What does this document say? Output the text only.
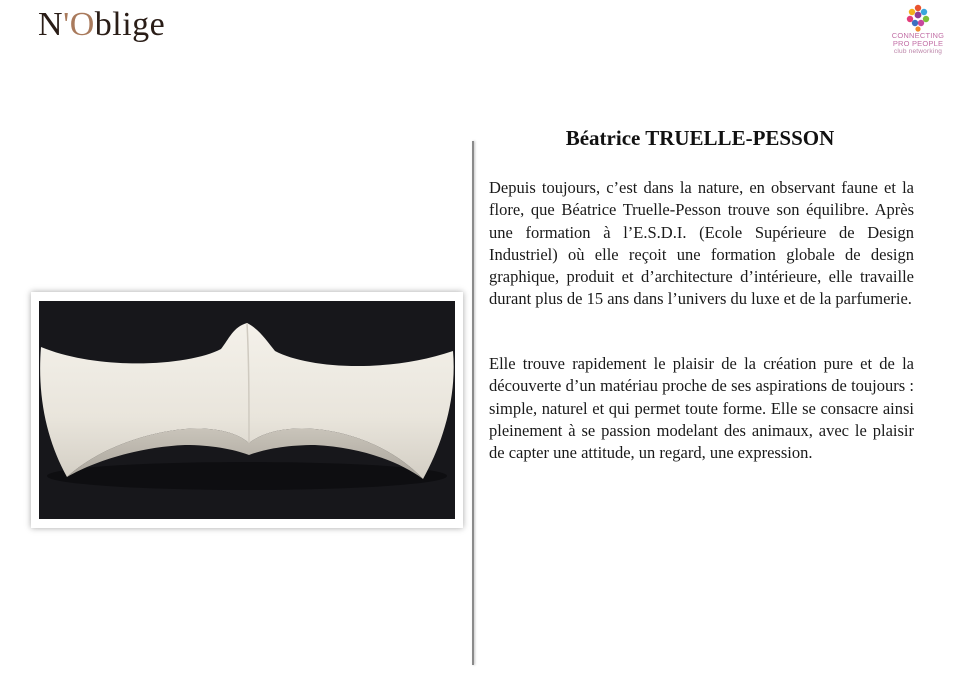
N'Oblige	CONNECTING
PRO PEOPLE
club networking
Béatrice TRUELLE-PESSON

Depuis toujours, c’est dans la nature, en observant faune et la flore, que Béatrice Truelle-Pesson trouve son équilibre. Après une formation à l’E.S.D.I. (Ecole Supérieure de Design Industriel) où elle reçoit une formation globale de design graphique, produit et d’architecture d’intérieure, elle travaille durant plus de 15 ans dans l’univers du luxe et de la parfumerie.

Elle trouve rapidement le plaisir de la création pure et de la découverte d’un matériau proche de ses aspirations de toujours : simple, naturel et qui permet toute forme. Elle se consacre ainsi pleinement à se passion modelant des animaux, avec le plaisir de capter une attitude, un regard, une expression.
